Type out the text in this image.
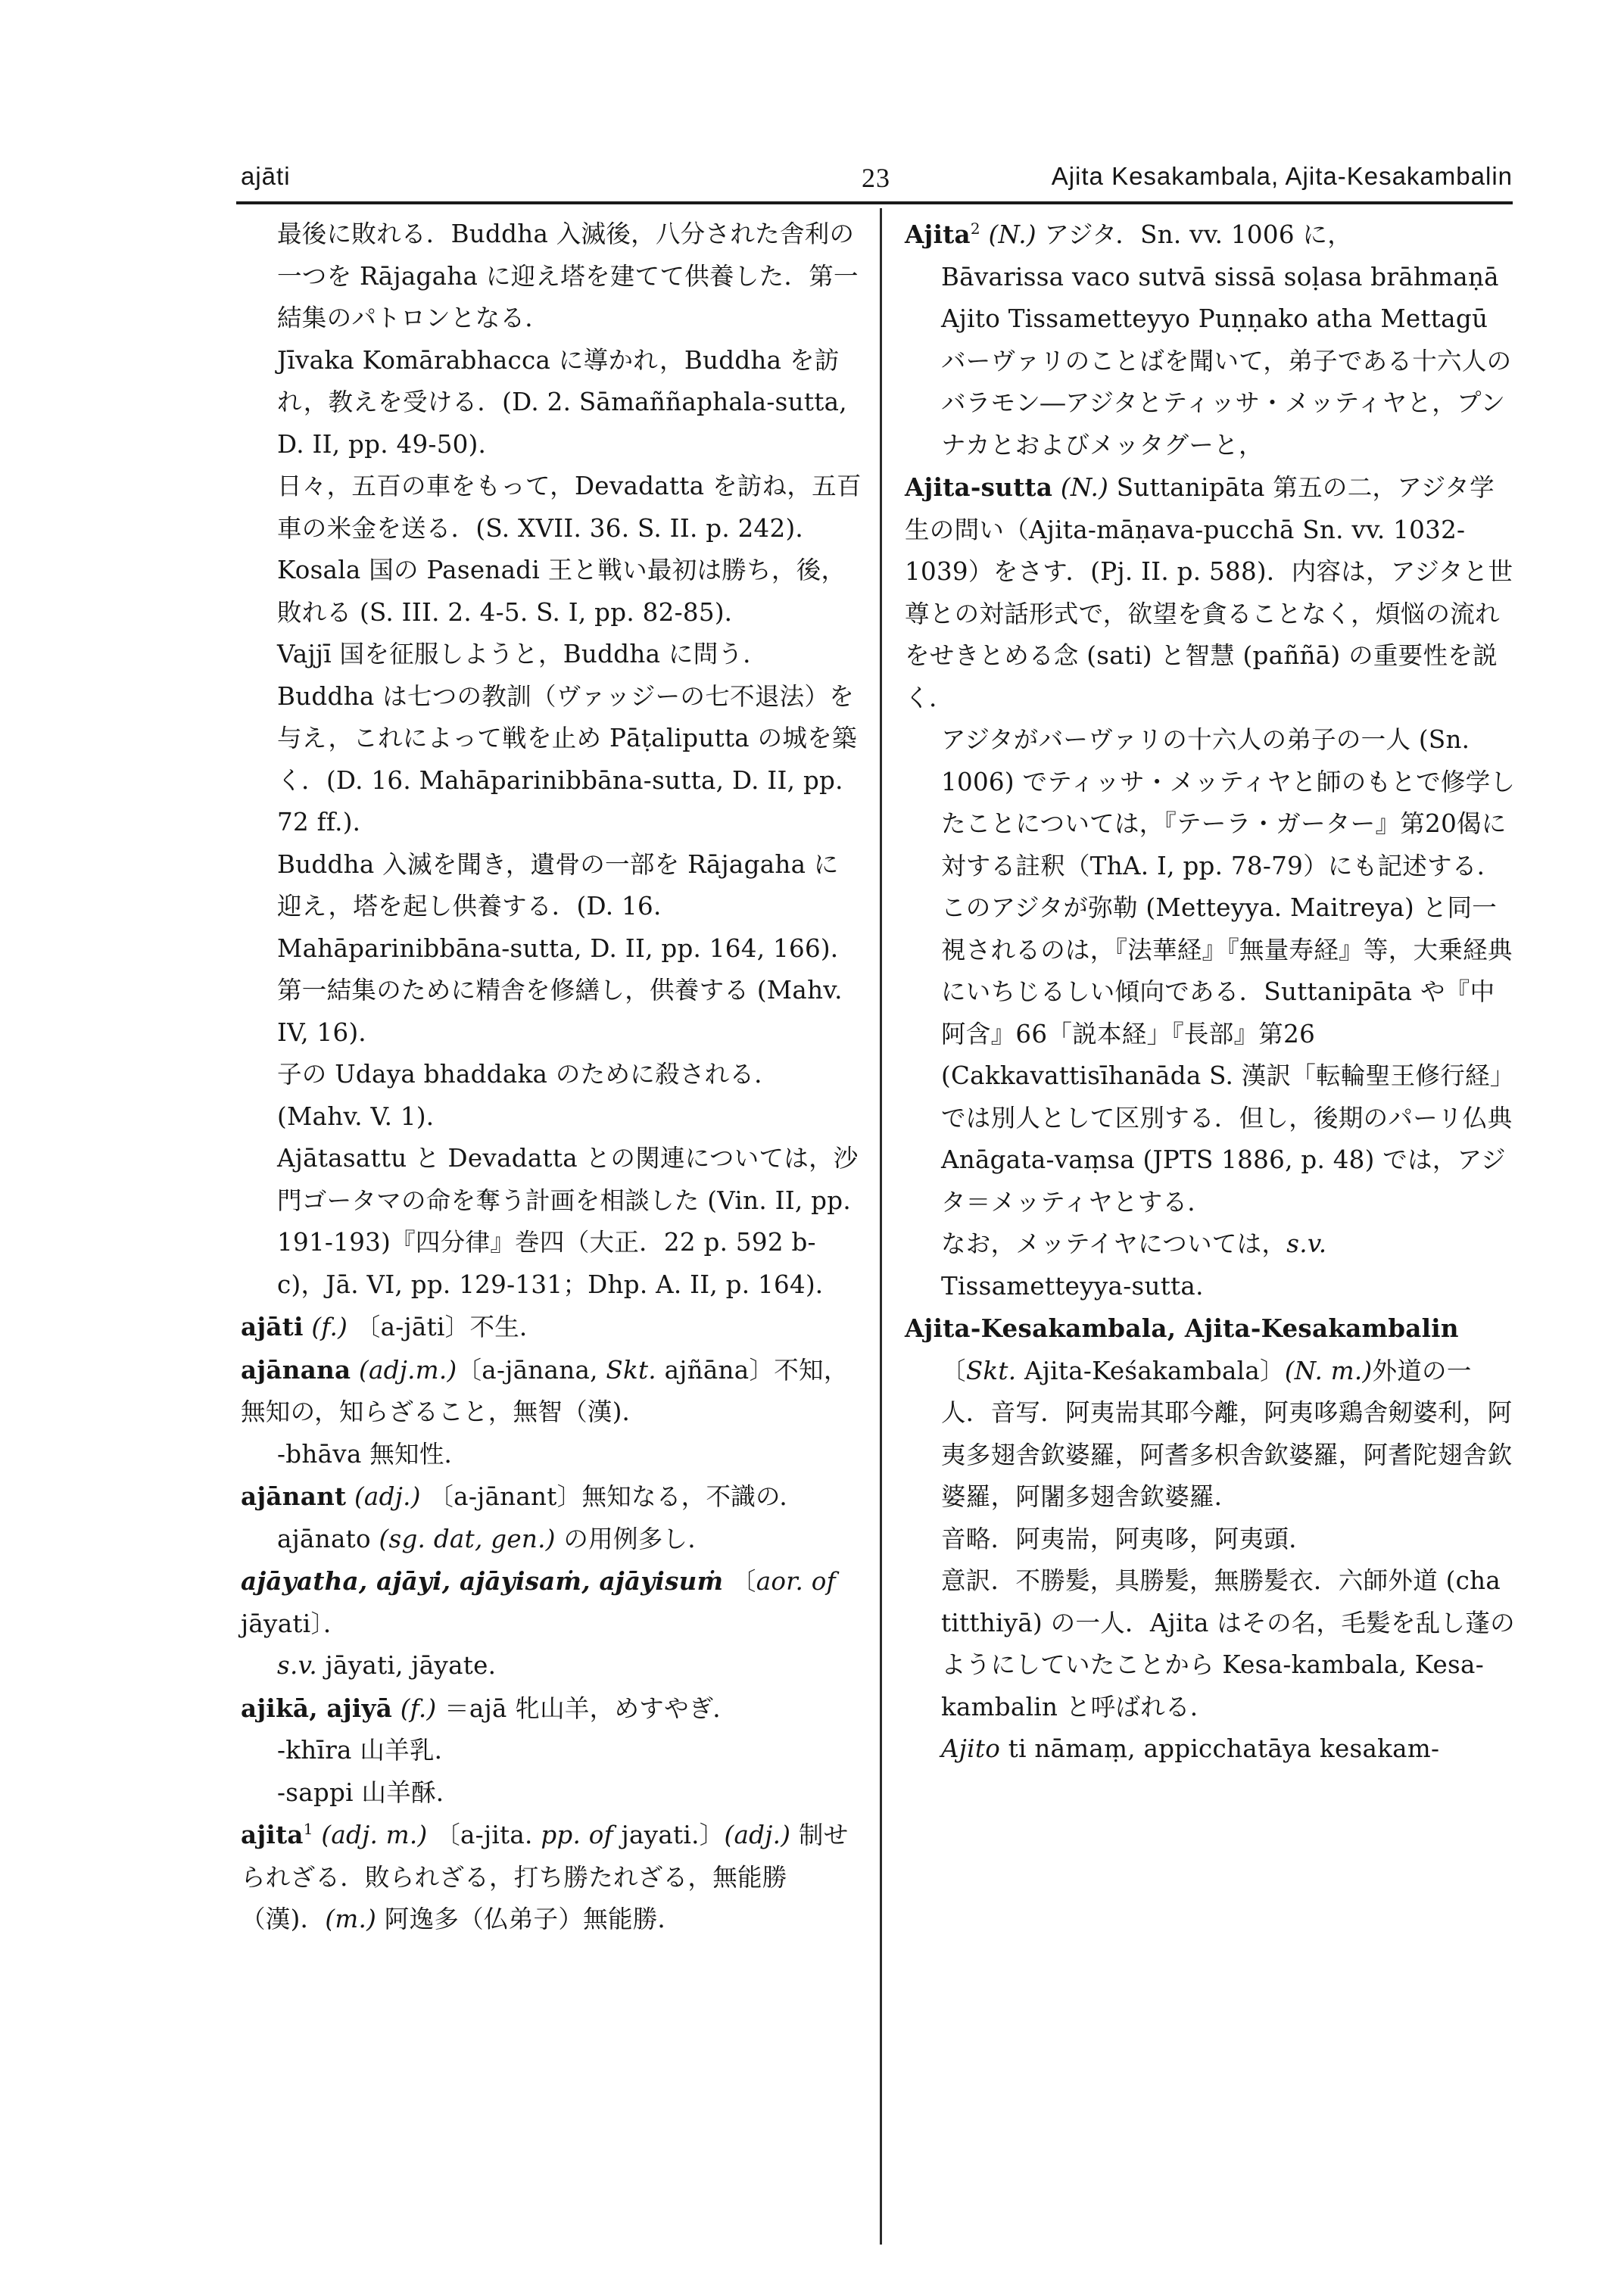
ajāti	23	Ajita Kesakambala, Ajita-Kesakambalin

最後に敗れる．Buddha 入滅後，八分された舎利の一つを Rājagaha に迎え塔を建てて供養した．第一結集のパトロンとなる．

Jīvaka Komārabhacca に導かれ，Buddha を訪れ，教えを受ける．(D. 2. Sāmaññaphala-sutta, D. II, pp. 49-50)．

日々，五百の車をもって，Devadatta を訪ね，五百車の米金を送る．(S. XVII. 36. S. II. p. 242)．

Kosala 国の Pasenadi 王と戦い最初は勝ち，後，敗れる (S. III. 2. 4-5. S. I, pp. 82-85)．

Vajjī 国を征服しようと，Buddha に問う．Buddha は七つの教訓（ヴァッジーの七不退法）を与え，これによって戦を止め Pāṭaliputta の城を築く．(D. 16. Mahāparinibbāna-sutta, D. II, pp. 72 ff.)．

Buddha 入滅を聞き，遺骨の一部を Rājagaha に迎え，塔を起し供養する．(D. 16. Mahāparinibbāna-sutta, D. II, pp. 164, 166)．

第一結集のために精舎を修繕し，供養する (Mahv. IV, 16)．

子の Udaya bhaddaka のために殺される．(Mahv. V. 1)．

Ajātasattu と Devadatta との関連については，沙門ゴータマの命を奪う計画を相談した (Vin. II, pp. 191-193)『四分律』巻四（大正．22 p. 592 b-c)，Jā. VI, pp. 129-131；Dhp. A. II, p. 164)．

ajāti (f.) 〔a-jāti〕不生．

ajānana (adj.m.)〔a-jānana, Skt. ajñāna〕不知，無知の，知らざること，無智（漢)．

-bhāva 無知性．

ajānant (adj.) 〔a-jānant〕無知なる，不識の．

ajānato (sg. dat, gen.) の用例多し．

ajāyatha, ajāyi, ajāyisaṁ, ajāyisuṁ 〔aor. of jāyati〕．

s.v. jāyati, jāyate.

ajikā, ajiyā (f.) ＝ajā 牝山羊，めすやぎ．

-khīra 山羊乳．

-sappi 山羊酥．

ajita$^1$ (adj. m.) 〔a-jita. pp. of jayati.〕(adj.) 制せられざる．敗られざる，打ち勝たれざる，無能勝（漢)．(m.) 阿逸多（仏弟子）無能勝．

Ajita$^2$ (N.) アジタ．Sn. vv. 1006 に，

Bāvarissa vaco sutvā sissā soḷasa brāhmaṇā Ajito Tissametteyyo Puṇṇako atha Mettagū バーヴァリのことばを聞いて，弟子である十六人のバラモン―アジタとティッサ・メッティヤと，プンナカとおよびメッタグーと，

Ajita-sutta (N.) Suttanipāta 第五の二，アジタ学生の問い（Ajita-māṇava-pucchā Sn. vv. 1032-1039）をさす．(Pj. II. p. 588)．内容は，アジタと世尊との対話形式で，欲望を貪ることなく，煩悩の流れをせきとめる念 (sati) と智慧 (paññā) の重要性を説く．

アジタがバーヴァリの十六人の弟子の一人 (Sn. 1006) でティッサ・メッティヤと師のもとで修学したことについては，『テーラ・ガーター』第20偈に対する註釈（ThA. I, pp. 78-79）にも記述する．このアジタが弥勒 (Metteyya. Maitreya) と同一視されるのは，『法華経』『無量寿経』等，大乗経典にいちじるしい傾向である．Suttanipāta や『中阿含』66「説本経」『長部』第26 (Cakkavattisīhanāda S. 漢訳「転輪聖王修行経」では別人として区別する．但し，後期のパーリ仏典 Anāgata-vaṃsa (JPTS 1886, p. 48) では，アジタ＝メッティヤとする．

なお，メッテイヤについては，s.v. Tissametteyya-sutta.

Ajita-Kesakambala, Ajita-Kesakambalin

〔Skt. Ajita-Keśakambala〕(N. m.)外道の一人．音写．阿夷耑其耶今離，阿夷哆鶏舎剱婆利，阿夷多翅舎欽婆羅，阿耆多枳舎欽婆羅，阿耆陀翅舎欽婆羅，阿闍多翅舎欽婆羅．

音略．阿夷耑，阿夷哆，阿夷頭．

意訳．不勝髪，具勝髪，無勝髪衣．六師外道 (cha titthiyā) の一人．Ajita はその名，毛髪を乱し蓬のようにしていたことから Kesa-kambala, Kesa-kambalin と呼ばれる．

Ajito ti nāmaṃ, appicchatāya kesakam-
